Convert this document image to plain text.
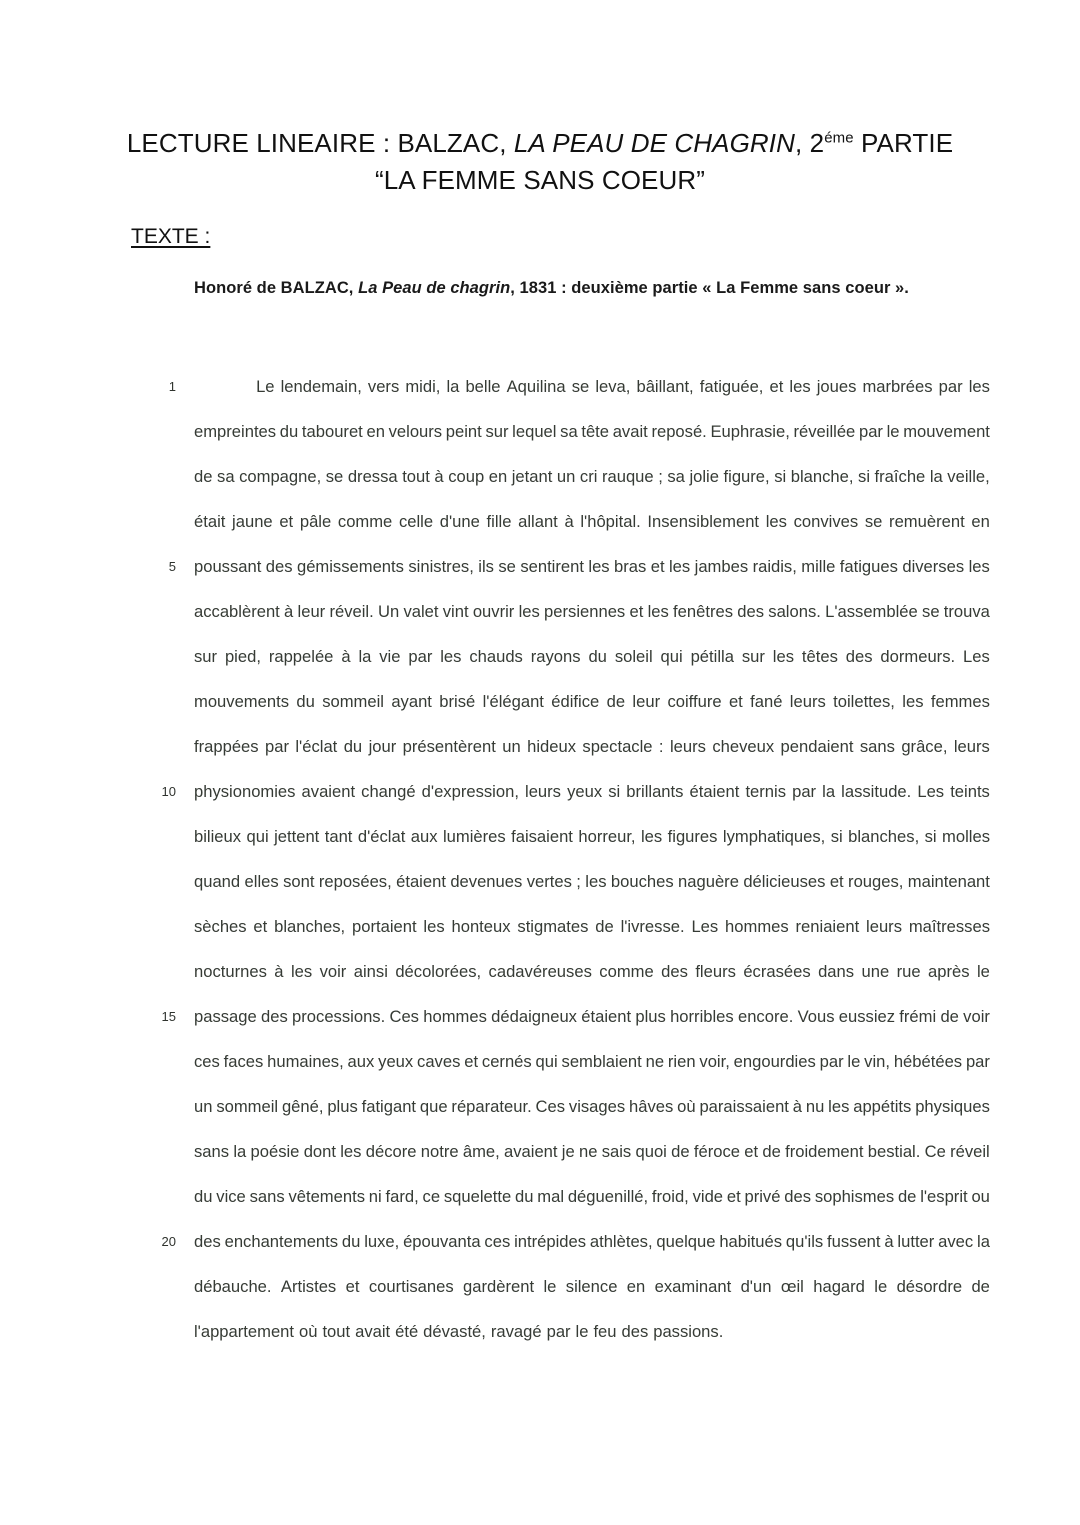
LECTURE LINEAIRE : BALZAC, LA PEAU DE CHAGRIN, $2^{éme}$ PARTIE
“LA FEMME SANS COEUR”
TEXTE :
Honoré de BALZAC, La Peau de chagrin, 1831 : deuxième partie « La Femme sans coeur ».
1	Le lendemain, vers midi, la belle Aquilina se leva, bâillant, fatiguée, et les joues marbrées par les
empreintes du tabouret en velours peint sur lequel sa tête avait reposé. Euphrasie, réveillée par le mouvement
de sa compagne, se dressa tout à coup en jetant un cri rauque ; sa jolie figure, si blanche, si fraîche la veille,
était jaune et pâle comme celle d'une fille allant à l'hôpital. Insensiblement les convives se remuèrent en
5 poussant des gémissements sinistres, ils se sentirent les bras et les jambes raidis, mille fatigues diverses les
accablèrent à leur réveil. Un valet vint ouvrir les persiennes et les fenêtres des salons. L'assemblée se trouva
sur pied, rappelée à la vie par les chauds rayons du soleil qui pétilla sur les têtes des dormeurs. Les
mouvements du sommeil ayant brisé l'élégant édifice de leur coiffure et fané leurs toilettes, les femmes
frappées par l'éclat du jour présentèrent un hideux spectacle : leurs cheveux pendaient sans grâce, leurs
10 physionomies avaient changé d'expression, leurs yeux si brillants étaient ternis par la lassitude. Les teints
bilieux qui jettent tant d'éclat aux lumières faisaient horreur, les figures lymphatiques, si blanches, si molles
quand elles sont reposées, étaient devenues vertes ; les bouches naguère délicieuses et rouges, maintenant
sèches et blanches, portaient les honteux stigmates de l'ivresse. Les hommes reniaient leurs maîtresses
nocturnes à les voir ainsi décolorées, cadavéreuses comme des fleurs écrasées dans une rue après le
15 passage des processions. Ces hommes dédaigneux étaient plus horribles encore. Vous eussiez frémi de voir
ces faces humaines, aux yeux caves et cernés qui semblaient ne rien voir, engourdies par le vin, hébétées par
un sommeil gêné, plus fatigant que réparateur. Ces visages hâves où paraissaient à nu les appétits physiques
sans la poésie dont les décore notre âme, avaient je ne sais quoi de féroce et de froidement bestial. Ce réveil
du vice sans vêtements ni fard, ce squelette du mal déguenillé, froid, vide et privé des sophismes de l'esprit ou
20 des enchantements du luxe, épouvanta ces intrépides athlètes, quelque habitués qu'ils fussent à lutter avec la
débauche. Artistes et courtisanes gardèrent le silence en examinant d'un œil hagard le désordre de
l'appartement où tout avait été dévasté, ravagé par le feu des passions.
